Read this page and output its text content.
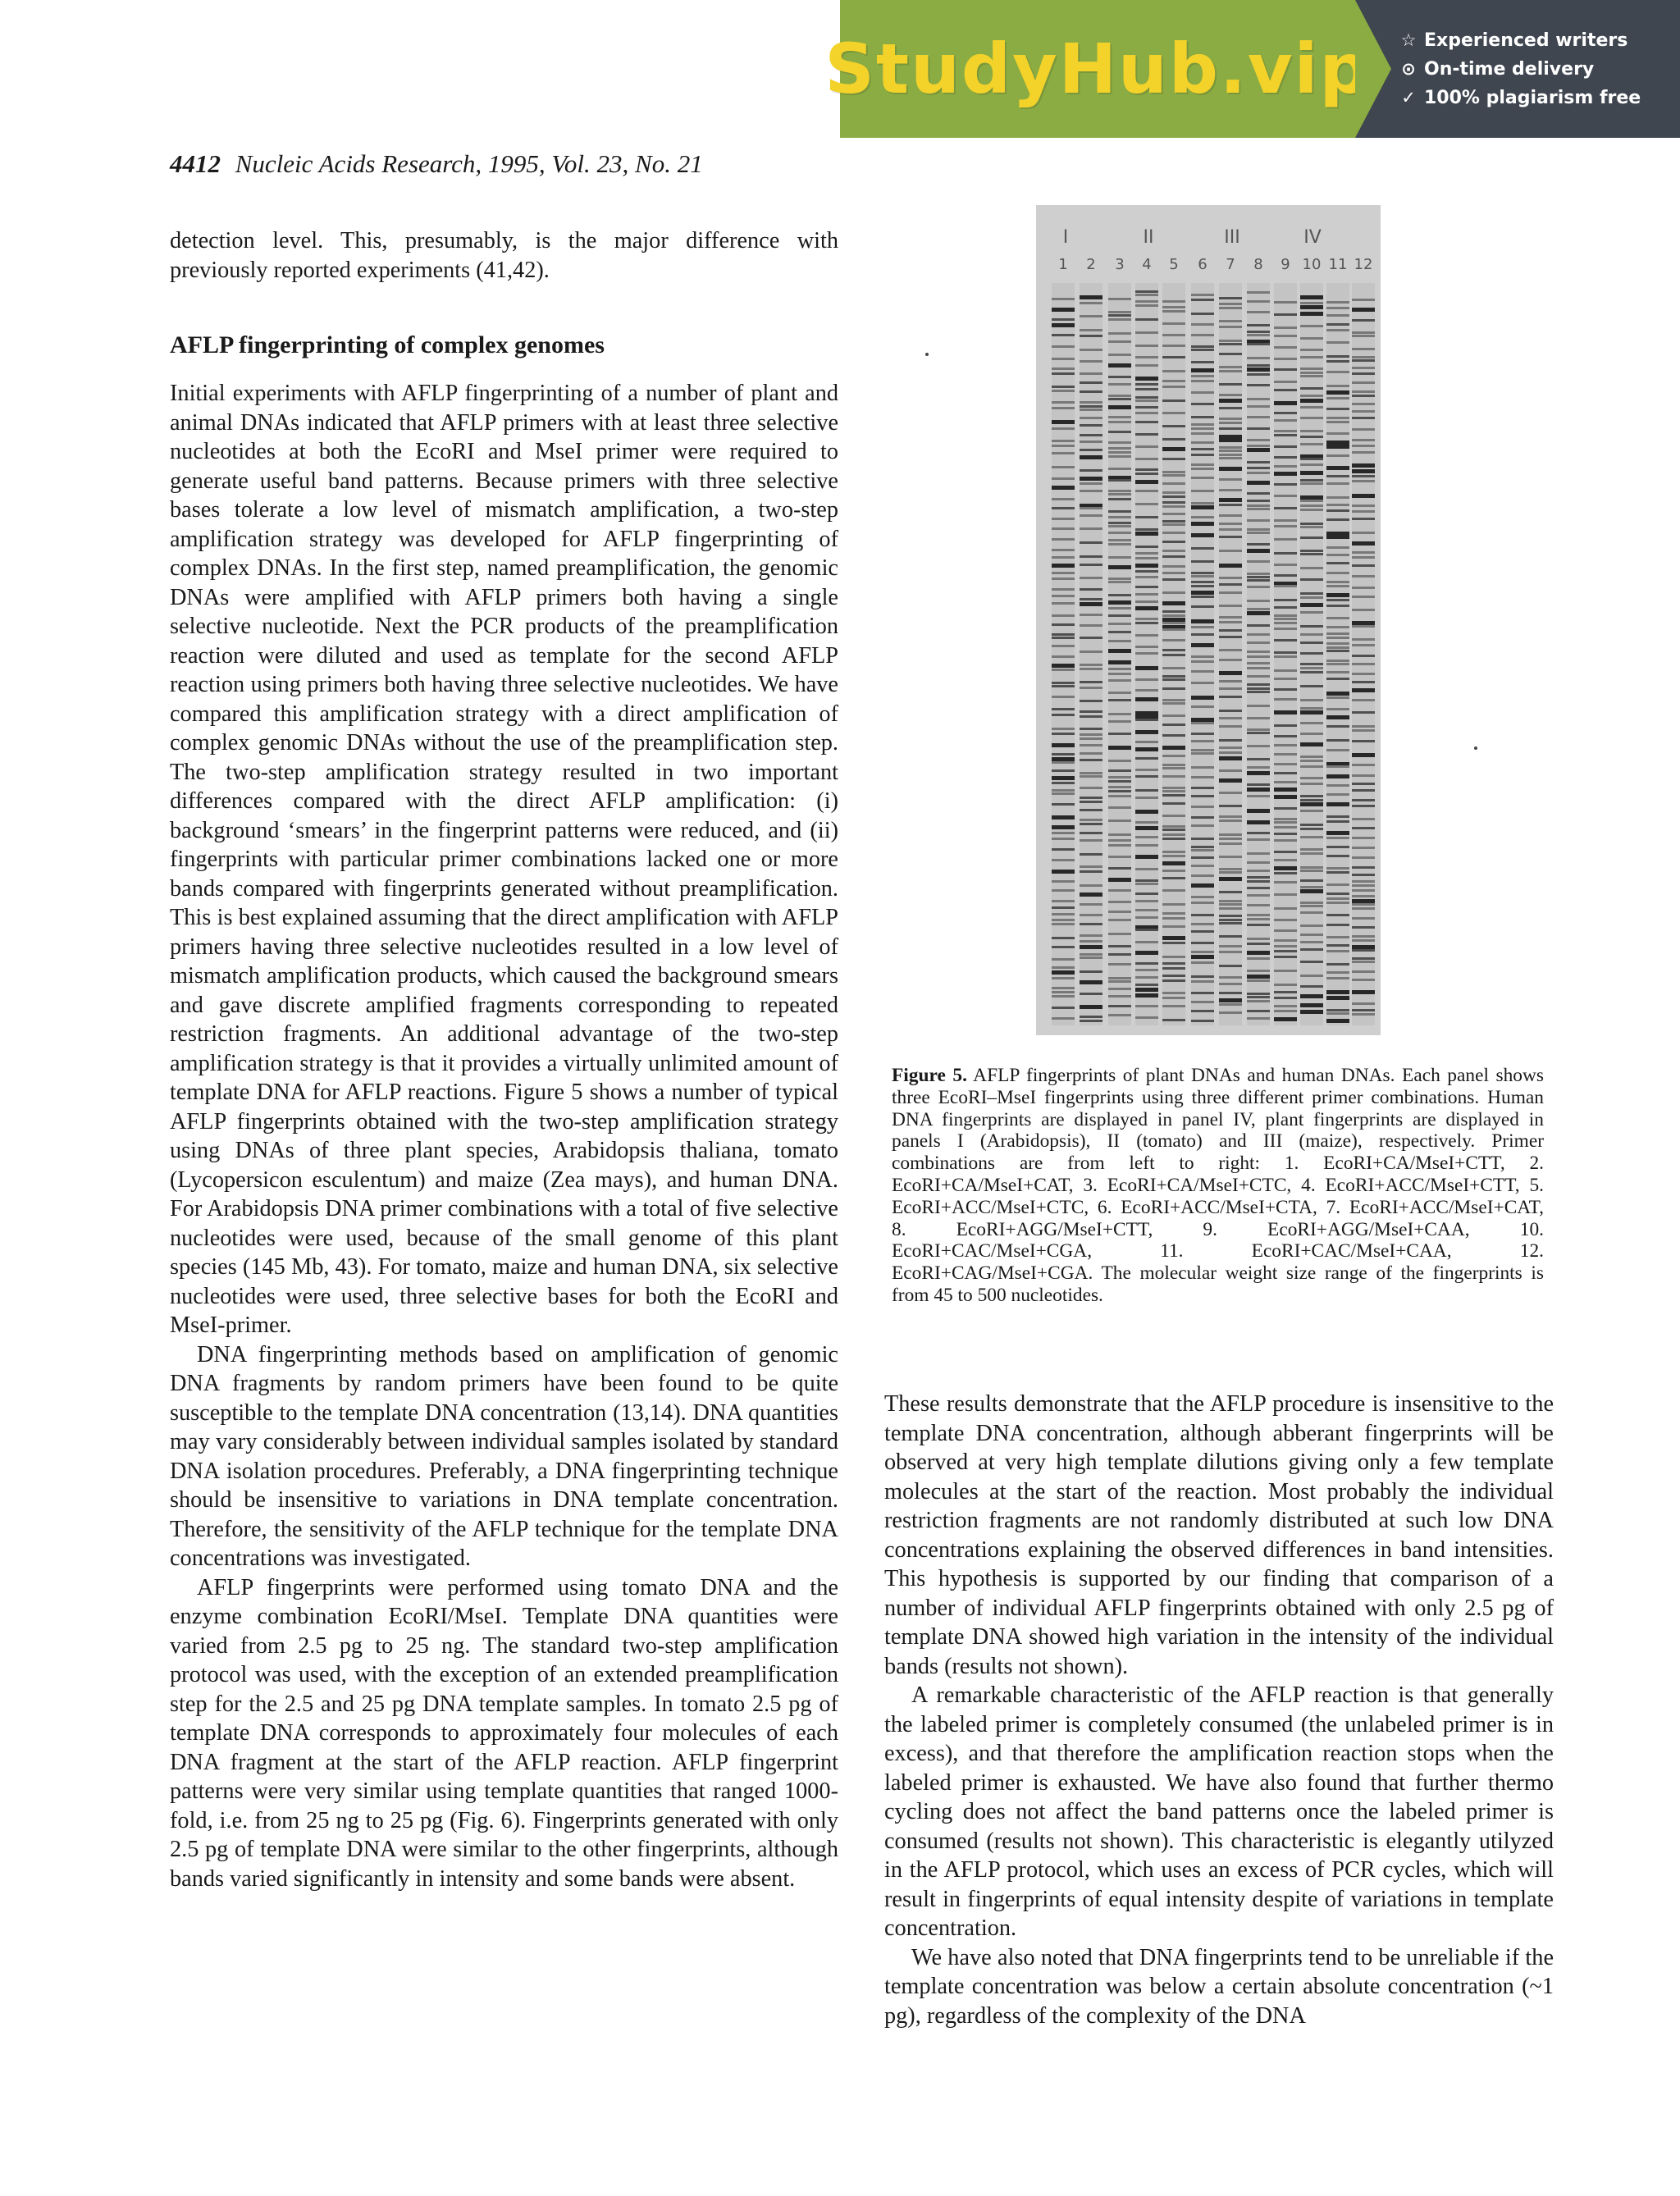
StudyHub.vip ☆ Experienced writers
⊙ On-time delivery
✓ 100% plagiarism free
4412 Nucleic Acids Research, 1995, Vol. 23, No. 21

detection level. This, presumably, is the major difference with previously reported experiments (41,42).

AFLP fingerprinting of complex genomes

Initial experiments with AFLP fingerprinting of a number of plant and animal DNAs indicated that AFLP primers with at least three selective nucleotides at both the EcoRI and MseI primer were required to generate useful band patterns. Because primers with three selective bases tolerate a low level of mismatch amplification, a two-step amplification strategy was developed for AFLP fingerprinting of complex DNAs. In the first step, named preamplification, the genomic DNAs were amplified with AFLP primers both having a single selective nucleotide. Next the PCR products of the preamplification reaction were diluted and used as template for the second AFLP reaction using primers both having three selective nucleotides. We have compared this amplification strategy with a direct amplification of complex genomic DNAs without the use of the preamplification step. The two-step amplification strategy resulted in two important differences compared with the direct AFLP amplification: (i) background ‘smears’ in the fingerprint patterns were reduced, and (ii) fingerprints with particular primer combinations lacked one or more bands compared with fingerprints generated without preamplification. This is best explained assuming that the direct amplification with AFLP primers having three selective nucleotides resulted in a low level of mismatch amplification products, which caused the background smears and gave discrete amplified fragments corresponding to repeated restriction fragments. An additional advantage of the two-step amplification strategy is that it provides a virtually unlimited amount of template DNA for AFLP reactions. Figure 5 shows a number of typical AFLP fingerprints obtained with the two-step amplification strategy using DNAs of three plant species, Arabidopsis thaliana, tomato (Lycopersicon esculentum) and maize (Zea mays), and human DNA. For Arabidopsis DNA primer combinations with a total of five selective nucleotides were used, because of the small genome of this plant species (145 Mb, 43). For tomato, maize and human DNA, six selective nucleotides were used, three selective bases for both the EcoRI and MseI-primer.

DNA fingerprinting methods based on amplification of genomic DNA fragments by random primers have been found to be quite susceptible to the template DNA concentration (13,14). DNA quantities may vary considerably between individual samples isolated by standard DNA isolation procedures. Preferably, a DNA fingerprinting technique should be insensitive to variations in DNA template concentration. Therefore, the sensitivity of the AFLP technique for the template DNA concentrations was investigated.

AFLP fingerprints were performed using tomato DNA and the enzyme combination EcoRI/MseI. Template DNA quantities were varied from 2.5 pg to 25 ng. The standard two-step amplification protocol was used, with the exception of an extended preamplification step for the 2.5 and 25 pg DNA template samples. In tomato 2.5 pg of template DNA corresponds to approximately four molecules of each DNA fragment at the start of the AFLP reaction. AFLP fingerprint patterns were very similar using template quantities that ranged 1000-fold, i.e. from 25 ng to 25 pg (Fig. 6). Fingerprints generated with only 2.5 pg of template DNA were similar to the other fingerprints, although bands varied significantly in intensity and some bands were absent.

I	II	III	IV
1 2 3 4 5 6 7 8 9 10 11 12
Figure 5. AFLP fingerprints of plant DNAs and human DNAs. Each panel shows three EcoRI–MseI fingerprints using three different primer combinations. Human DNA fingerprints are displayed in panel IV, plant fingerprints are displayed in panels I (Arabidopsis), II (tomato) and III (maize), respectively. Primer combinations are from left to right: 1. EcoRI+CA/MseI+CTT, 2. EcoRI+CA/MseI+CAT, 3. EcoRI+CA/MseI+CTC, 4. EcoRI+ACC/MseI+CTT, 5. EcoRI+ACC/MseI+CTC, 6. EcoRI+ACC/MseI+CTA, 7. EcoRI+ACC/MseI+CAT, 8. EcoRI+AGG/MseI+CTT, 9. EcoRI+AGG/MseI+CAA, 10. EcoRI+CAC/MseI+CGA, 11. EcoRI+CAC/MseI+CAA, 12. EcoRI+CAG/MseI+CGA. The molecular weight size range of the fingerprints is from 45 to 500 nucleotides.

These results demonstrate that the AFLP procedure is insensitive to the template DNA concentration, although abberant fingerprints will be observed at very high template dilutions giving only a few template molecules at the start of the reaction. Most probably the individual restriction fragments are not randomly distributed at such low DNA concentrations explaining the observed differences in band intensities. This hypothesis is supported by our finding that comparison of a number of individual AFLP fingerprints obtained with only 2.5 pg of template DNA showed high variation in the intensity of the individual bands (results not shown).

A remarkable characteristic of the AFLP reaction is that generally the labeled primer is completely consumed (the unlabeled primer is in excess), and that therefore the amplification reaction stops when the labeled primer is exhausted. We have also found that further thermo cycling does not affect the band patterns once the labeled primer is consumed (results not shown). This characteristic is elegantly utilyzed in the AFLP protocol, which uses an excess of PCR cycles, which will result in fingerprints of equal intensity despite of variations in template concentration.

We have also noted that DNA fingerprints tend to be unreliable if the template concentration was below a certain absolute concentration (~1 pg), regardless of the complexity of the DNA
